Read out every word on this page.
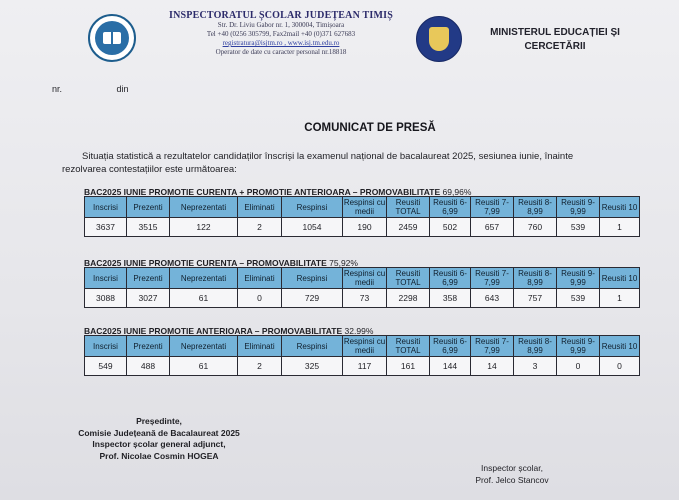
INSPECTORATUL ȘCOLAR JUDEȚEAN TIMIȘ
Str. Dr. Liviu Gabor nr. 1, 300004, Timișoara
Tel +40 (0256 305799, Fax2mail +40 (0)371 627683
registratura@isjtm.ro , www.isj.tm.edu.ro
Operator de date cu caracter personal nr.18818
MINISTERUL EDUCAȚIEI ȘI CERCETĂRII
nr.	din
COMUNICAT DE PRESĂ
Situația statistică a rezultatelor candidaților înscriși la examenul național de bacalaureat 2025, sesiunea iunie, înainte
rezolvarea contestațiilor este următoarea:
BAC2025 IUNIE PROMOTIE CURENTA + PROMOTIE ANTERIOARA – PROMOVABILITATE 69,96%
Inscrisi	Prezenti	Neprezentati	Eliminati	Respinsi	Respinsi cu medii	Reusiti TOTAL	Reusiti 6-6,99	Reusiti 7-7,99	Reusiti 8-8,99	Reusiti 9-9,99	Reusiti 10
3637	3515	122	2	1054	190	2459	502	657	760	539	1
BAC2025 IUNIE PROMOTIE CURENTA – PROMOVABILITATE 75,92%
Inscrisi	Prezenti	Neprezentati	Eliminati	Respinsi	Respinsi cu medii	Reusiti TOTAL	Reusiti 6-6,99	Reusiti 7-7,99	Reusiti 8-8,99	Reusiti 9-9,99	Reusiti 10
3088	3027	61	0	729	73	2298	358	643	757	539	1
BAC2025 IUNIE PROMOTIE ANTERIOARA – PROMOVABILITATE 32.99%
Inscrisi	Prezenti	Neprezentati	Eliminati	Respinsi	Respinsi cu medii	Reusiti TOTAL	Reusiti 6-6,99	Reusiti 7-7,99	Reusiti 8-8,99	Reusiti 9-9,99	Reusiti 10
549	488	61	2	325	117	161	144	14	3	0	0
Președinte,
Comisie Județeană de Bacalaureat 2025
Inspector școlar general adjunct,
Prof. Nicolae Cosmin HOGEA
Inspector școlar,
Prof. Jelco Stancov
